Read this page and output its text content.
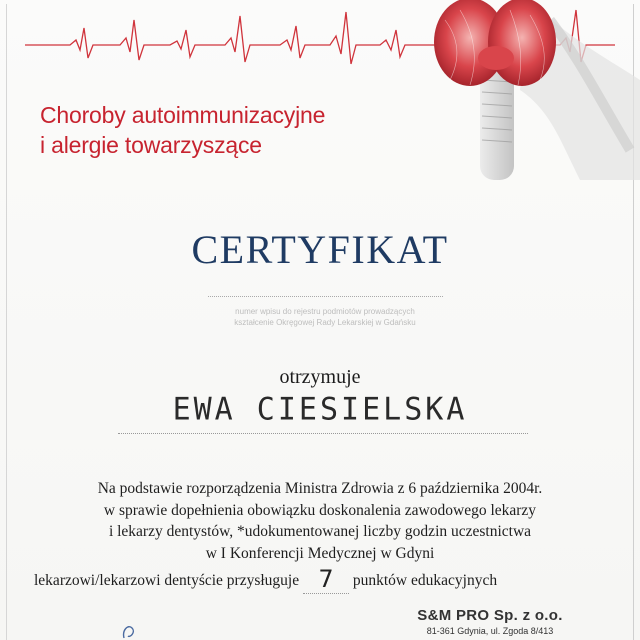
Choroby autoimmunizacyjne
i alergie towarzyszące
CERTYFIKAT
numer wpisu do rejestru podmiotów prowadzących
kształcenie Okręgowej Rady Lekarskiej w Gdańsku
otrzymuje
EWA CIESIELSKA
Na podstawie rozporządzenia Ministra Zdrowia z 6 października 2004r.
w sprawie dopełnienia obowiązku doskonalenia zawodowego lekarzy
i lekarzy dentystów, *udokumentowanej liczby godzin uczestnictwa
w I Konferencji Medycznej w Gdyni
lekarzowi/lekarzowi dentyście przysługuje 7 punktów edukacyjnych
S&M PRO Sp. z o.o.
81-361 Gdynia, ul. Zgoda 8/413
